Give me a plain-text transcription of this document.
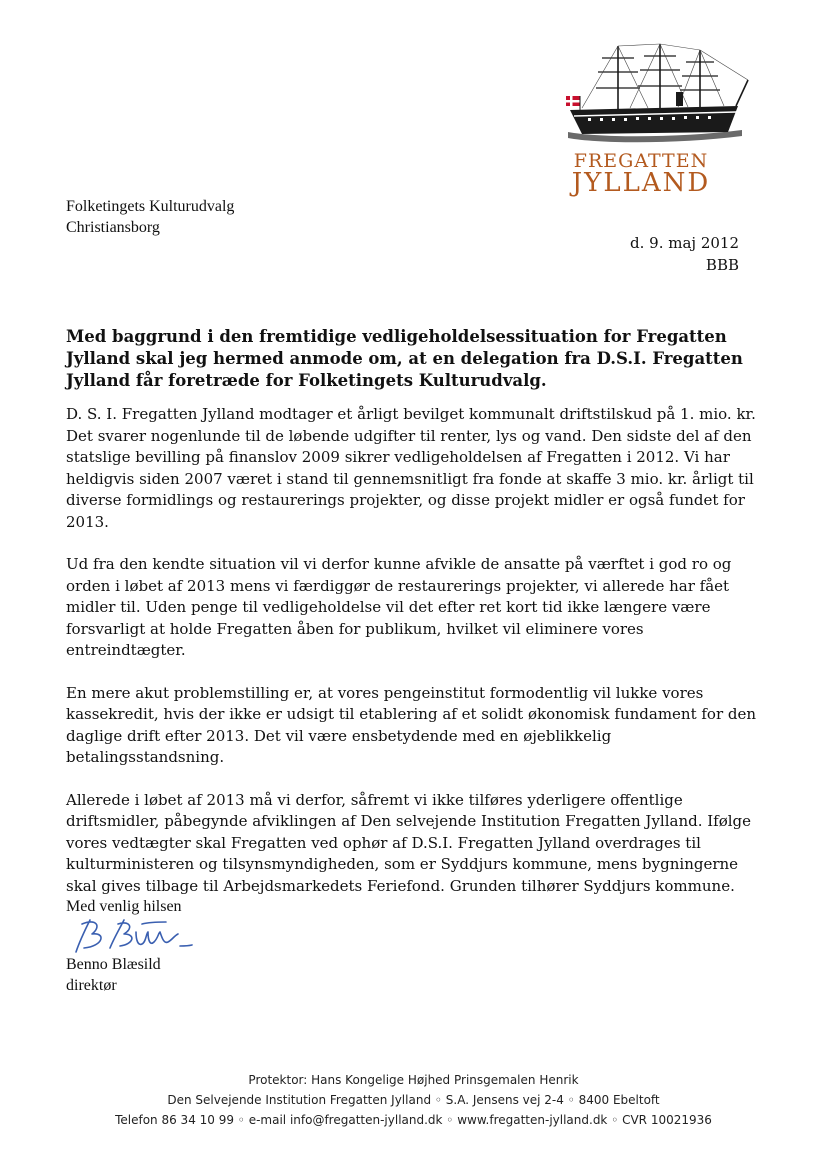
FREGATTEN
JYLLAND
Folketingets Kulturudvalg
Christiansborg
d. 9. maj 2012
BBB
Med baggrund i den fremtidige vedligeholdelsessituation for Fregatten Jylland skal jeg hermed anmode om, at en delegation fra D.S.I. Fregatten Jylland får foretræde for Folketingets Kulturudvalg.

D. S. I. Fregatten Jylland modtager et årligt bevilget kommunalt driftstilskud på 1. mio. kr. Det svarer nogenlunde til de løbende udgifter til renter, lys og vand. Den sidste del af den statslige bevilling på finanslov 2009 sikrer vedligeholdelsen af Fregatten i 2012. Vi har heldigvis siden 2007 været i stand til gennemsnitligt fra fonde at skaffe 3 mio. kr. årligt til diverse formidlings og restaurerings projekter, og disse projekt midler er også fundet for 2013.

Ud fra den kendte situation vil vi derfor kunne afvikle de ansatte på værftet i god ro og orden i løbet af 2013 mens vi færdiggør de restaurerings projekter, vi allerede har fået midler til. Uden penge til vedligeholdelse vil det efter ret kort tid ikke længere være forsvarligt at holde Fregatten åben for publikum, hvilket vil eliminere vores entreindtægter.

En mere akut problemstilling er, at vores pengeinstitut formodentlig vil lukke vores kassekredit, hvis der ikke er udsigt til etablering af et solidt økonomisk fundament for den daglige drift efter 2013. Det vil være ensbetydende med en øjeblikkelig betalingsstandsning.

Allerede i løbet af 2013 må vi derfor, såfremt vi ikke tilføres yderligere offentlige driftsmidler, påbegynde afviklingen af Den selvejende Institution Fregatten Jylland. Ifølge vores vedtægter skal Fregatten ved ophør af D.S.I. Fregatten Jylland overdrages til kulturministeren og tilsynsmyndigheden, som er Syddjurs kommune, mens bygningerne skal gives tilbage til Arbejdsmarkedets Feriefond. Grunden tilhører Syddjurs kommune.

Med venlig hilsen
Benno Blæsild
direktør
Protektor: Hans Kongelige Højhed Prinsgemalen Henrik
Den Selvejende Institution Fregatten Jylland ◦ S.A. Jensens vej 2-4 ◦ 8400 Ebeltoft
Telefon 86 34 10 99 ◦ e-mail info@fregatten-jylland.dk ◦ www.fregatten-jylland.dk ◦ CVR 10021936
